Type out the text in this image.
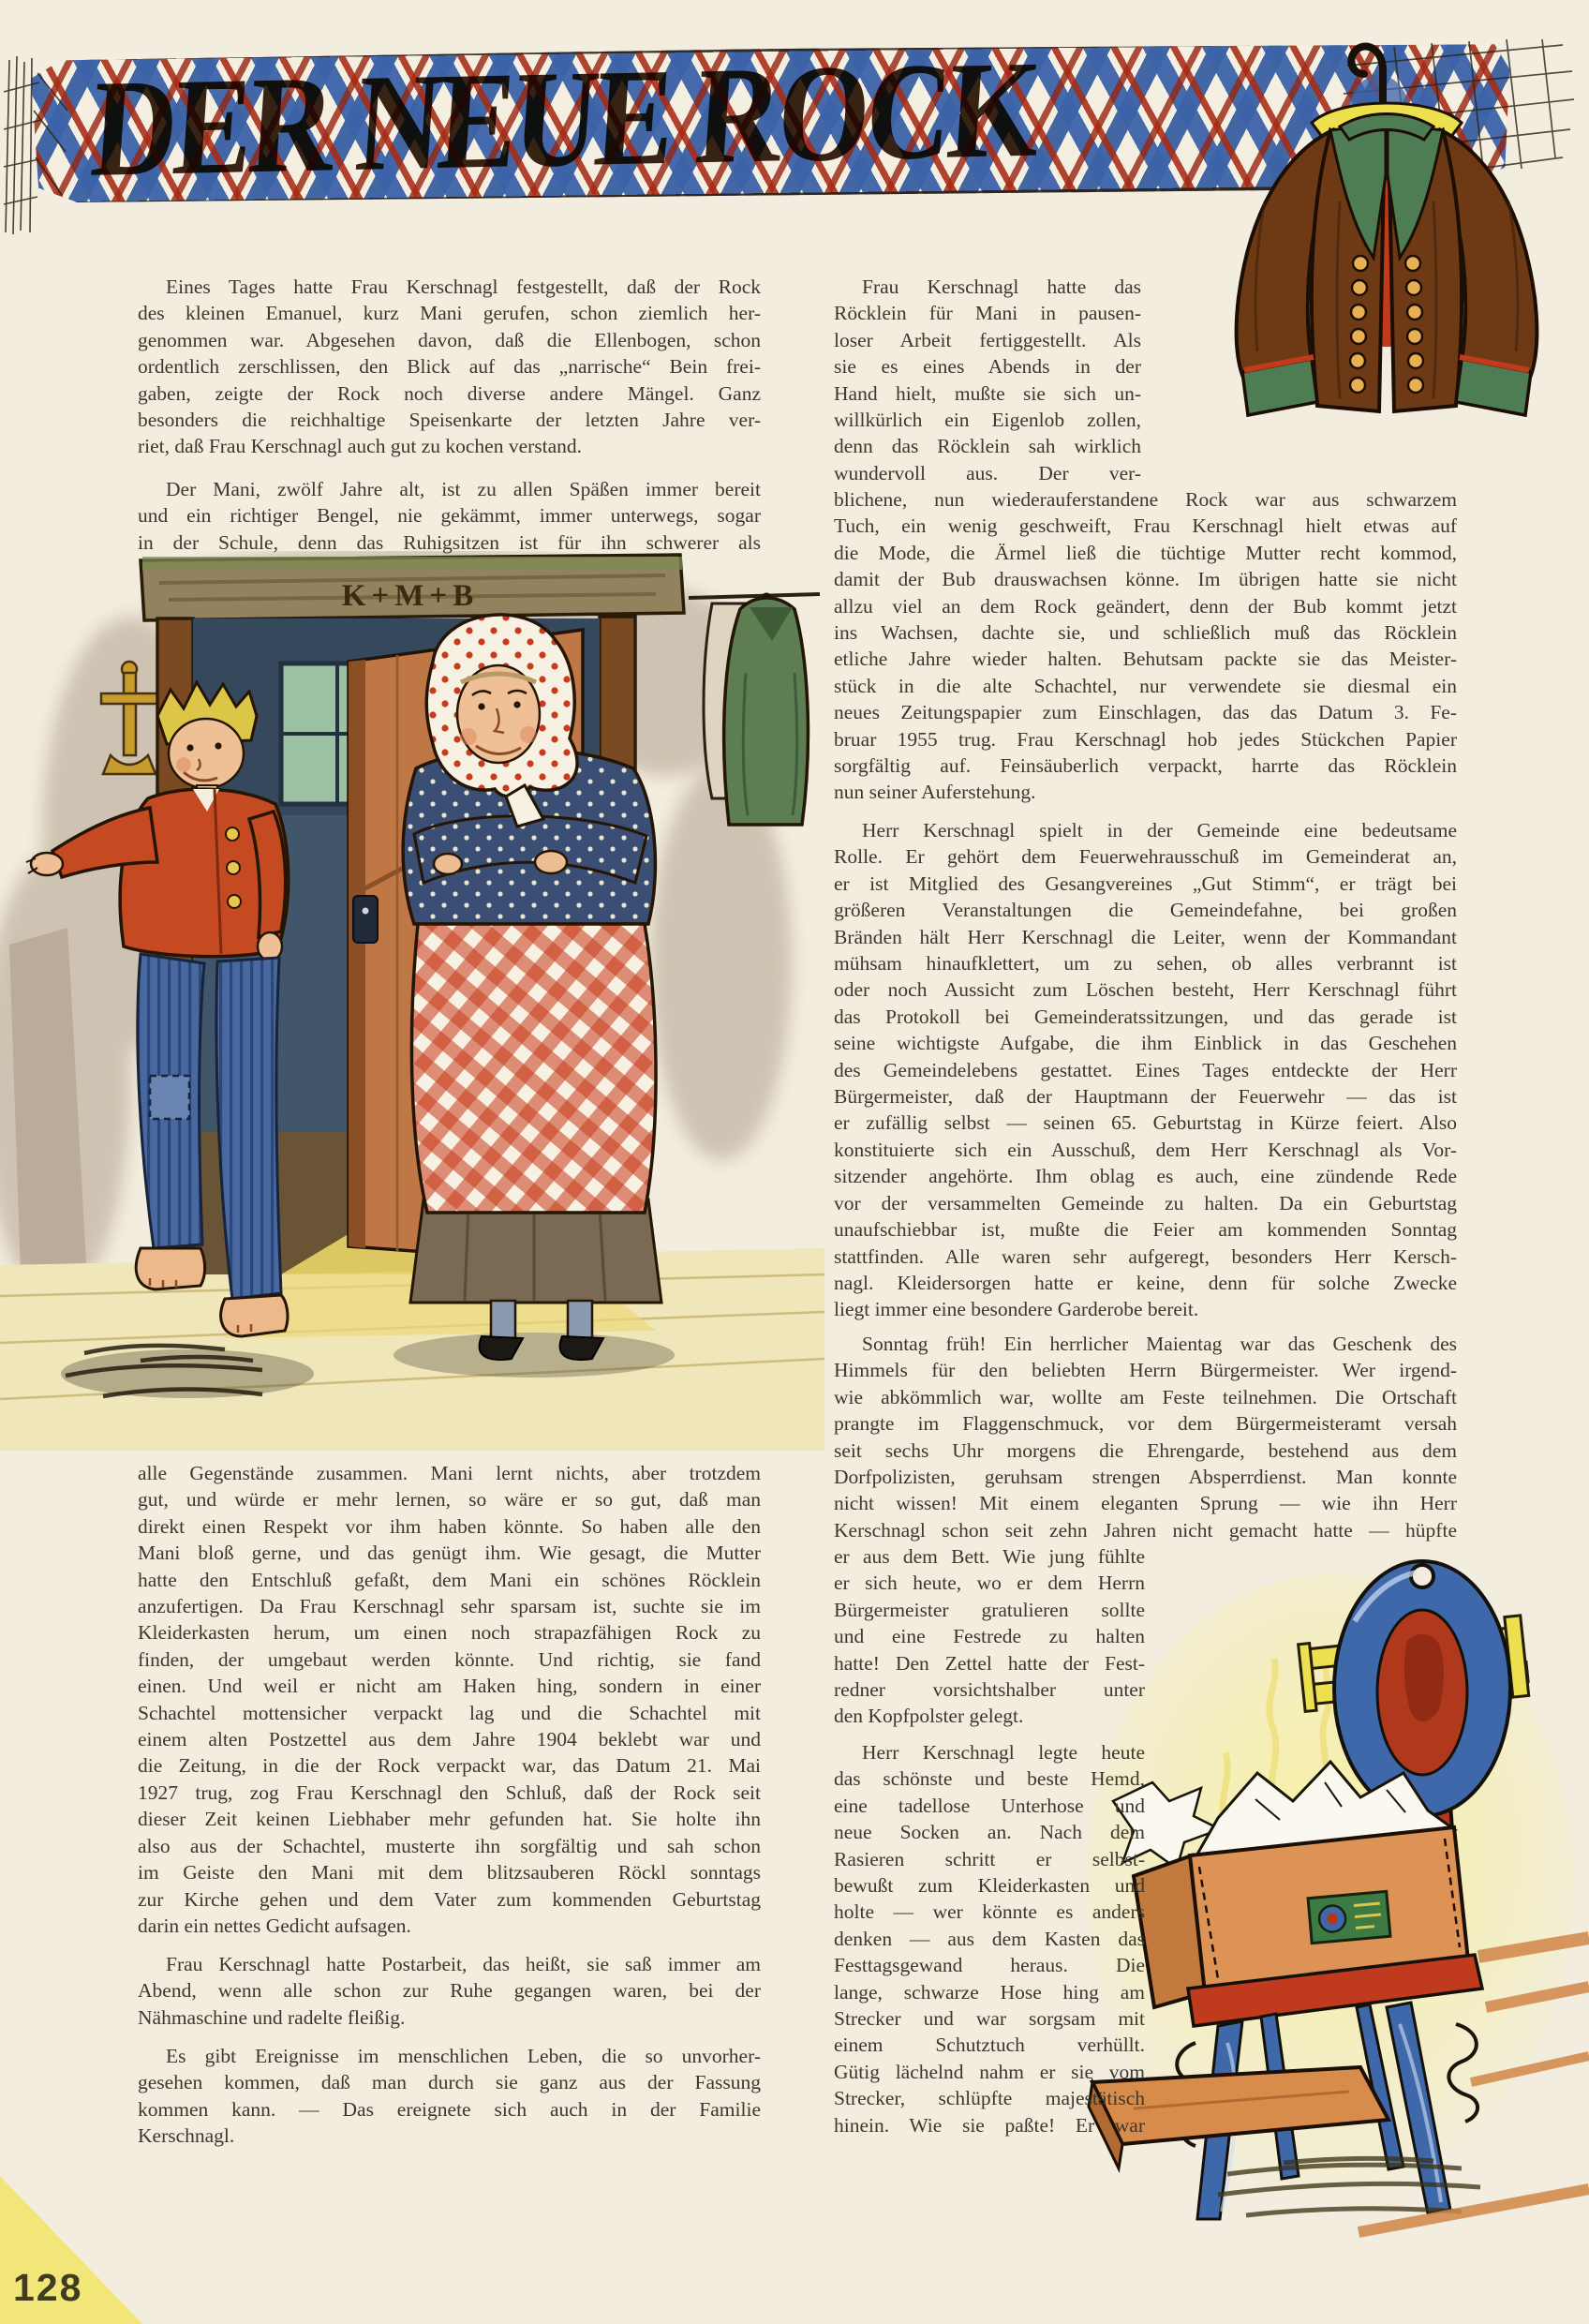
DER NEUE ROCK
K+M+B
Eines Tages hatte Frau Kerschnagl festgestellt, daß der Rock
des kleinen Emanuel, kurz Mani gerufen, schon ziemlich her-
genommen war. Abgesehen davon, daß die Ellenbogen, schon
ordentlich zerschlissen, den Blick auf das „narrische“ Bein frei-
gaben, zeigte der Rock noch diverse andere Mängel. Ganz
besonders die reichhaltige Speisenkarte der letzten Jahre ver-
riet, daß Frau Kerschnagl auch gut zu kochen verstand.
Der Mani, zwölf Jahre alt, ist zu allen Späßen immer bereit
und ein richtiger Bengel, nie gekämmt, immer unterwegs, sogar
in der Schule, denn das Ruhigsitzen ist für ihn schwerer als
alle Gegenstände zusammen. Mani lernt nichts, aber trotzdem
gut, und würde er mehr lernen, so wäre er so gut, daß man
direkt einen Respekt vor ihm haben könnte. So haben alle den
Mani bloß gerne, und das genügt ihm. Wie gesagt, die Mutter
hatte den Entschluß gefaßt, dem Mani ein schönes Röcklein
anzufertigen. Da Frau Kerschnagl sehr sparsam ist, suchte sie im
Kleiderkasten herum, um einen noch strapazfähigen Rock zu
finden, der umgebaut werden könnte. Und richtig, sie fand
einen. Und weil er nicht am Haken hing, sondern in einer
Schachtel mottensicher verpackt lag und die Schachtel mit
einem alten Postzettel aus dem Jahre 1904 beklebt war und
die Zeitung, in die der Rock verpackt war, das Datum 21. Mai
1927 trug, zog Frau Kerschnagl den Schluß, daß der Rock seit
dieser Zeit keinen Liebhaber mehr gefunden hat. Sie holte ihn
also aus der Schachtel, musterte ihn sorgfältig und sah schon
im Geiste den Mani mit dem blitzsauberen Röckl sonntags
zur Kirche gehen und dem Vater zum kommenden Geburtstag
darin ein nettes Gedicht aufsagen.
Frau Kerschnagl hatte Postarbeit, das heißt, sie saß immer am
Abend, wenn alle schon zur Ruhe gegangen waren, bei der
Nähmaschine und radelte fleißig.
Es gibt Ereignisse im menschlichen Leben, die so unvorher-
gesehen kommen, daß man durch sie ganz aus der Fassung
kommen kann. — Das ereignete sich auch in der Familie
Kerschnagl.
Frau Kerschnagl hatte das
Röcklein für Mani in pausen-
loser Arbeit fertiggestellt. Als
sie es eines Abends in der
Hand hielt, mußte sie sich un-
willkürlich ein Eigenlob zollen,
denn das Röcklein sah wirklich
wundervoll aus. Der ver-
blichene, nun wiederauferstandene Rock war aus schwarzem
Tuch, ein wenig geschweift, Frau Kerschnagl hielt etwas auf
die Mode, die Ärmel ließ die tüchtige Mutter recht kommod,
damit der Bub drauswachsen könne. Im übrigen hatte sie nicht
allzu viel an dem Rock geändert, denn der Bub kommt jetzt
ins Wachsen, dachte sie, und schließlich muß das Röcklein
etliche Jahre wieder halten. Behutsam packte sie das Meister-
stück in die alte Schachtel, nur verwendete sie diesmal ein
neues Zeitungspapier zum Einschlagen, das das Datum 3. Fe-
bruar 1955 trug. Frau Kerschnagl hob jedes Stückchen Papier
sorgfältig auf. Feinsäuberlich verpackt, harrte das Röcklein
nun seiner Auferstehung.
Herr Kerschnagl spielt in der Gemeinde eine bedeutsame
Rolle. Er gehört dem Feuerwehrausschuß im Gemeinderat an,
er ist Mitglied des Gesangvereines „Gut Stimm“, er trägt bei
größeren Veranstaltungen die Gemeindefahne, bei großen
Bränden hält Herr Kerschnagl die Leiter, wenn der Kommandant
mühsam hinaufklettert, um zu sehen, ob alles verbrannt ist
oder noch Aussicht zum Löschen besteht, Herr Kerschnagl führt
das Protokoll bei Gemeinderatssitzungen, und das gerade ist
seine wichtigste Aufgabe, die ihm Einblick in das Geschehen
des Gemeindelebens gestattet. Eines Tages entdeckte der Herr
Bürgermeister, daß der Hauptmann der Feuerwehr — das ist
er zufällig selbst — seinen 65. Geburtstag in Kürze feiert. Also
konstituierte sich ein Ausschuß, dem Herr Kerschnagl als Vor-
sitzender angehörte. Ihm oblag es auch, eine zündende Rede
vor der versammelten Gemeinde zu halten. Da ein Geburtstag
unaufschiebbar ist, mußte die Feier am kommenden Sonntag
stattfinden. Alle waren sehr aufgeregt, besonders Herr Kersch-
nagl. Kleidersorgen hatte er keine, denn für solche Zwecke
liegt immer eine besondere Garderobe bereit.
Sonntag früh! Ein herrlicher Maientag war das Geschenk des
Himmels für den beliebten Herrn Bürgermeister. Wer irgend-
wie abkömmlich war, wollte am Feste teilnehmen. Die Ortschaft
prangte im Flaggenschmuck, vor dem Bürgermeisteramt versah
seit sechs Uhr morgens die Ehrengarde, bestehend aus dem
Dorfpolizisten, geruhsam strengen Absperrdienst. Man konnte
nicht wissen! Mit einem eleganten Sprung — wie ihn Herr
Kerschnagl schon seit zehn Jahren nicht gemacht hatte — hüpfte
er aus dem Bett. Wie jung fühlte
er sich heute, wo er dem Herrn
Bürgermeister gratulieren sollte
und eine Festrede zu halten
hatte! Den Zettel hatte der Fest-
redner vorsichtshalber unter
den Kopfpolster gelegt.
Herr Kerschnagl legte heute
das schönste und beste Hemd,
eine tadellose Unterhose und
neue Socken an. Nach dem
Rasieren schritt er selbst-
bewußt zum Kleiderkasten und
holte — wer könnte es anders
denken — aus dem Kasten das
Festtagsgewand heraus. Die
lange, schwarze Hose hing am
Strecker und war sorgsam mit
einem Schutztuch verhüllt.
Gütig lächelnd nahm er sie vom
Strecker, schlüpfte majestätisch
hinein. Wie sie paßte! Er war
128
